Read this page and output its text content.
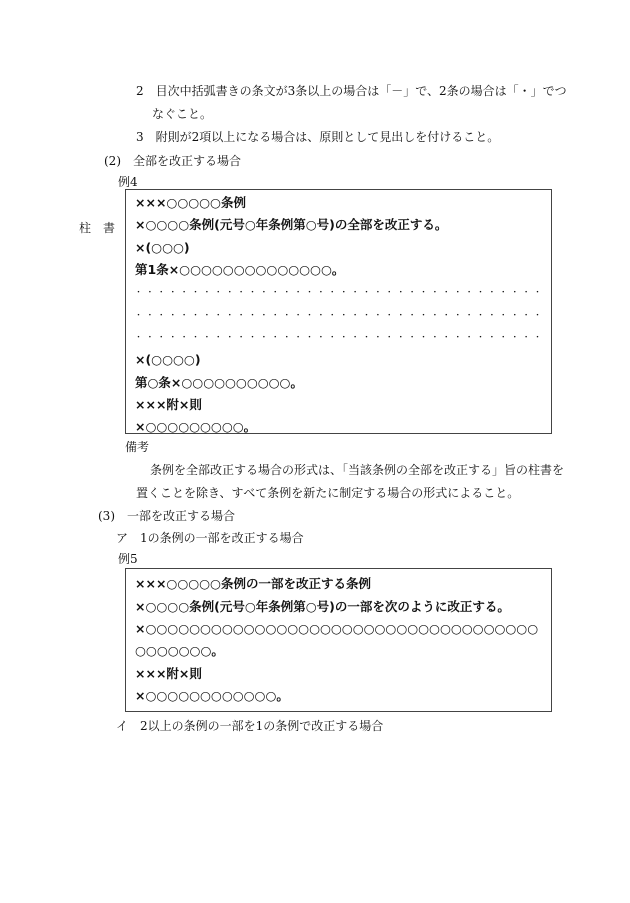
2　目次中括弧書きの条文が3条以上の場合は「－」で、2条の場合は「・」でつ
なぐこと。
3　附則が2項以上になる場合は、原則として見出しを付けること。
(2)　全部を改正する場合
例4
柱　書
×××○○○○○条例
×○○○○条例(元号○年条例第○号)の全部を改正する。
×(○○○)
第1条×○○○○○○○○○○○○○○。
・・・・・・・・・・・・・・・・・・・・・・・・・・・・・・・・・・・・
・・・・・・・・・・・・・・・・・・・・・・・・・・・・・・・・・・・・
・・・・・・・・・・・・・・・・・・・・・・・・・・・・・・・・・・・・
×(○○○○)
第○条×○○○○○○○○○○。
×××附×則
×○○○○○○○○○。
備考
条例を全部改正する場合の形式は、「当該条例の全部を改正する」旨の柱書を
置くことを除き、すべて条例を新たに制定する場合の形式によること。
(3)　一部を改正する場合
ア　1の条例の一部を改正する場合
例5
×××○○○○○条例の一部を改正する条例
×○○○○条例(元号○年条例第○号)の一部を次のように改正する。
×○○○○○○○○○○○○○○○○○○○○○○○○○○○○○○○○○○○○
○○○○○○○。
×××附×則
×○○○○○○○○○○○○。
イ　2以上の条例の一部を1の条例で改正する場合
